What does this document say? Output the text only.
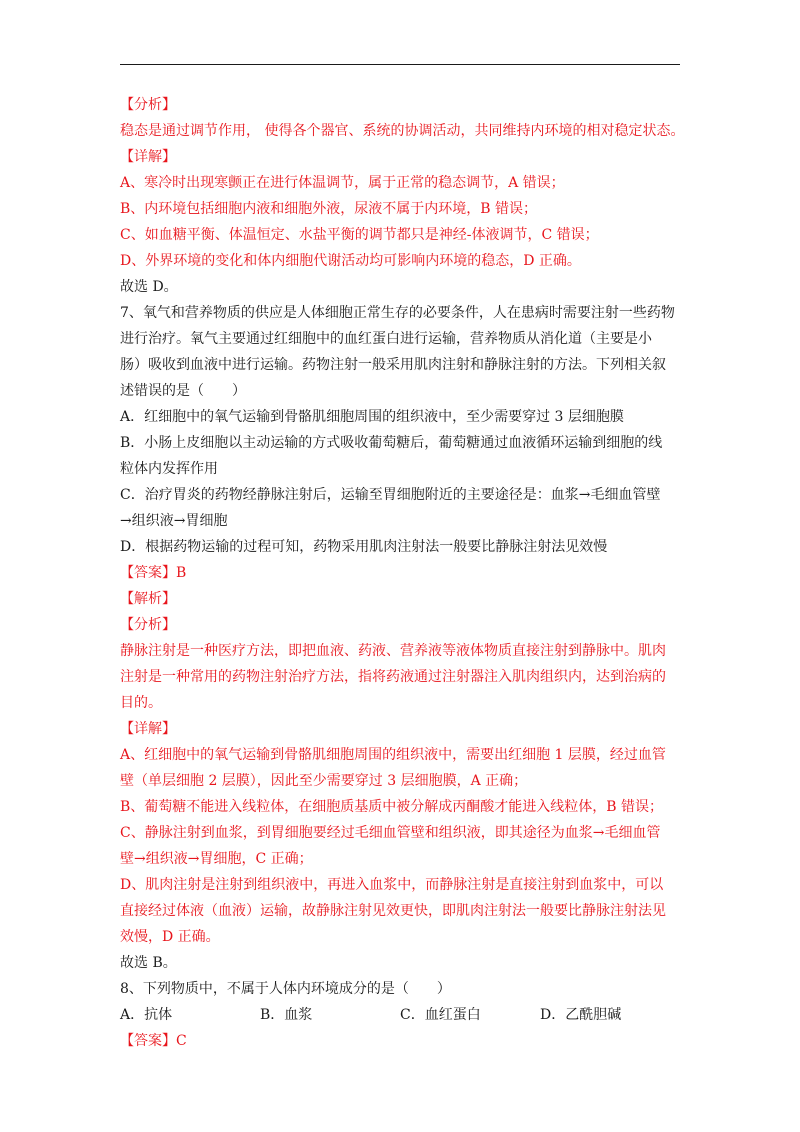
【分析】
稳态是通过调节作用， 使得各个器官、系统的协调活动，共同维持内环境的相对稳定状态。
【详解】
A、寒冷时出现寒颤正在进行体温调节，属于正常的稳态调节，A 错误；
B、内环境包括细胞内液和细胞外液，尿液不属于内环境，B 错误；
C、如血糖平衡、体温恒定、水盐平衡的调节都只是神经-体液调节，C 错误；
D、外界环境的变化和体内细胞代谢活动均可影响内环境的稳态，D 正确。
故选 D。
7、氧气和营养物质的供应是人体细胞正常生存的必要条件，人在患病时需要注射一些药物
进行治疗。氧气主要通过红细胞中的血红蛋白进行运输，营养物质从消化道（主要是小
肠）吸收到血液中进行运输。药物注射一般采用肌肉注射和静脉注射的方法。下列相关叙
述错误的是（　　）
A．红细胞中的氧气运输到骨骼肌细胞周围的组织液中，至少需要穿过 3 层细胞膜
B．小肠上皮细胞以主动运输的方式吸收葡萄糖后，葡萄糖通过血液循环运输到细胞的线
粒体内发挥作用
C．治疗胃炎的药物经静脉注射后，运输至胃细胞附近的主要途径是：血浆→毛细血管壁
→组织液→胃细胞
D．根据药物运输的过程可知，药物采用肌肉注射法一般要比静脉注射法见效慢
【答案】B
【解析】
【分析】
静脉注射是一种医疗方法，即把血液、药液、营养液等液体物质直接注射到静脉中。肌肉
注射是一种常用的药物注射治疗方法，指将药液通过注射器注入肌肉组织内，达到治病的
目的。
【详解】
A、红细胞中的氧气运输到骨骼肌细胞周围的组织液中，需要出红细胞 1 层膜，经过血管
壁（单层细胞 2 层膜），因此至少需要穿过 3 层细胞膜，A 正确；
B、葡萄糖不能进入线粒体，在细胞质基质中被分解成丙酮酸才能进入线粒体，B 错误；
C、静脉注射到血浆，到胃细胞要经过毛细血管壁和组织液，即其途径为血浆→毛细血管
壁→组织液→胃细胞，C 正确；
D、肌肉注射是注射到组织液中，再进入血浆中，而静脉注射是直接注射到血浆中，可以
直接经过体液（血液）运输，故静脉注射见效更快，即肌肉注射法一般要比静脉注射法见
效慢，D 正确。
故选 B。
8、下列物质中，不属于人体内环境成分的是（　　）
A．抗体	B．血浆	C．血红蛋白	D．乙酰胆碱
【答案】C
